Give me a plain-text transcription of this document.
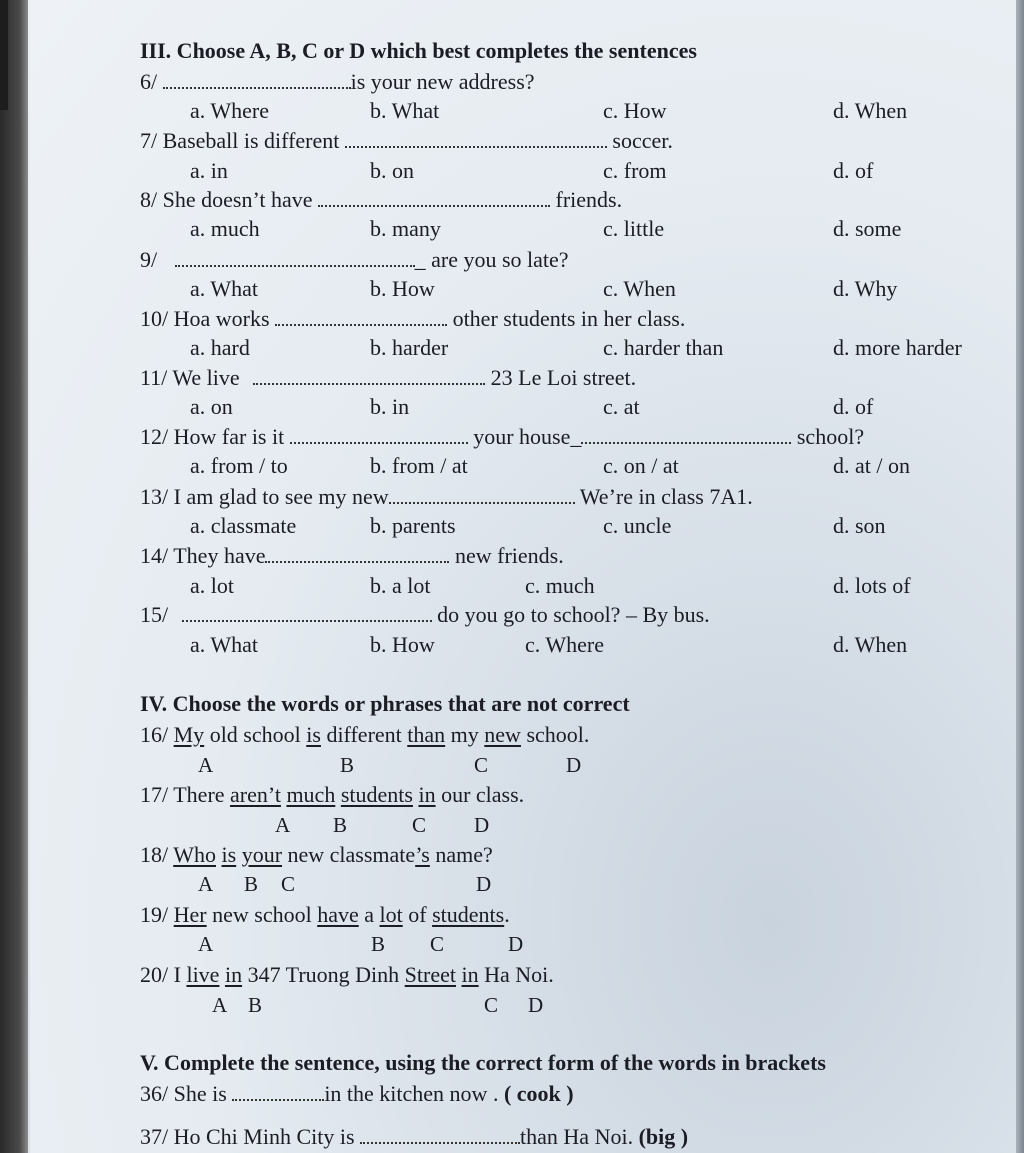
III. Choose A, B, C or D which best completes the sentences
6/	is your new address?
a. Where	b. What	c. How	d. When
7/ Baseball is different	soccer.
a. in	b. on	c. from	d. of
8/ She doesn’t have	friends.
a. much	b. many	c. little	d. some
9/	_ are you so late?
a. What	b. How	c. When	d. Why
10/ Hoa works	other students in her class.
a. hard	b. harder	c. harder than	d. more harder
11/ We live	23 Le Loi street.
a. on	b. in	c. at	d. of
12/ How far is it	your house_	school?
a. from / to	b. from / at	c. on / at	d. at / on
13/ I am glad to see my new	We’re in class 7A1.
a. classmate	b. parents	c. uncle	d. son
14/ They have	new friends.
a. lot	b. a lot	c. much	d. lots of
15/	do you go to school? – By bus.
a. What	b. How	c. Where	d. When
IV. Choose the words or phrases that are not correct
16/ My old school is different than my new school.
A	B	C	D
17/ There aren’t much students in our class.
A B	C D
18/ Who is your new classmate’s name?
A B C	D
19/ Her new school have a lot of students.
A	B C	D
20/ I live in 347 Truong Dinh Street in Ha Noi.
A B	C D
V. Complete the sentence, using the correct form of the words in brackets
36/ She is	in the kitchen now . ( cook )
37/ Ho Chi Minh City is	than Ha Noi. (big )
